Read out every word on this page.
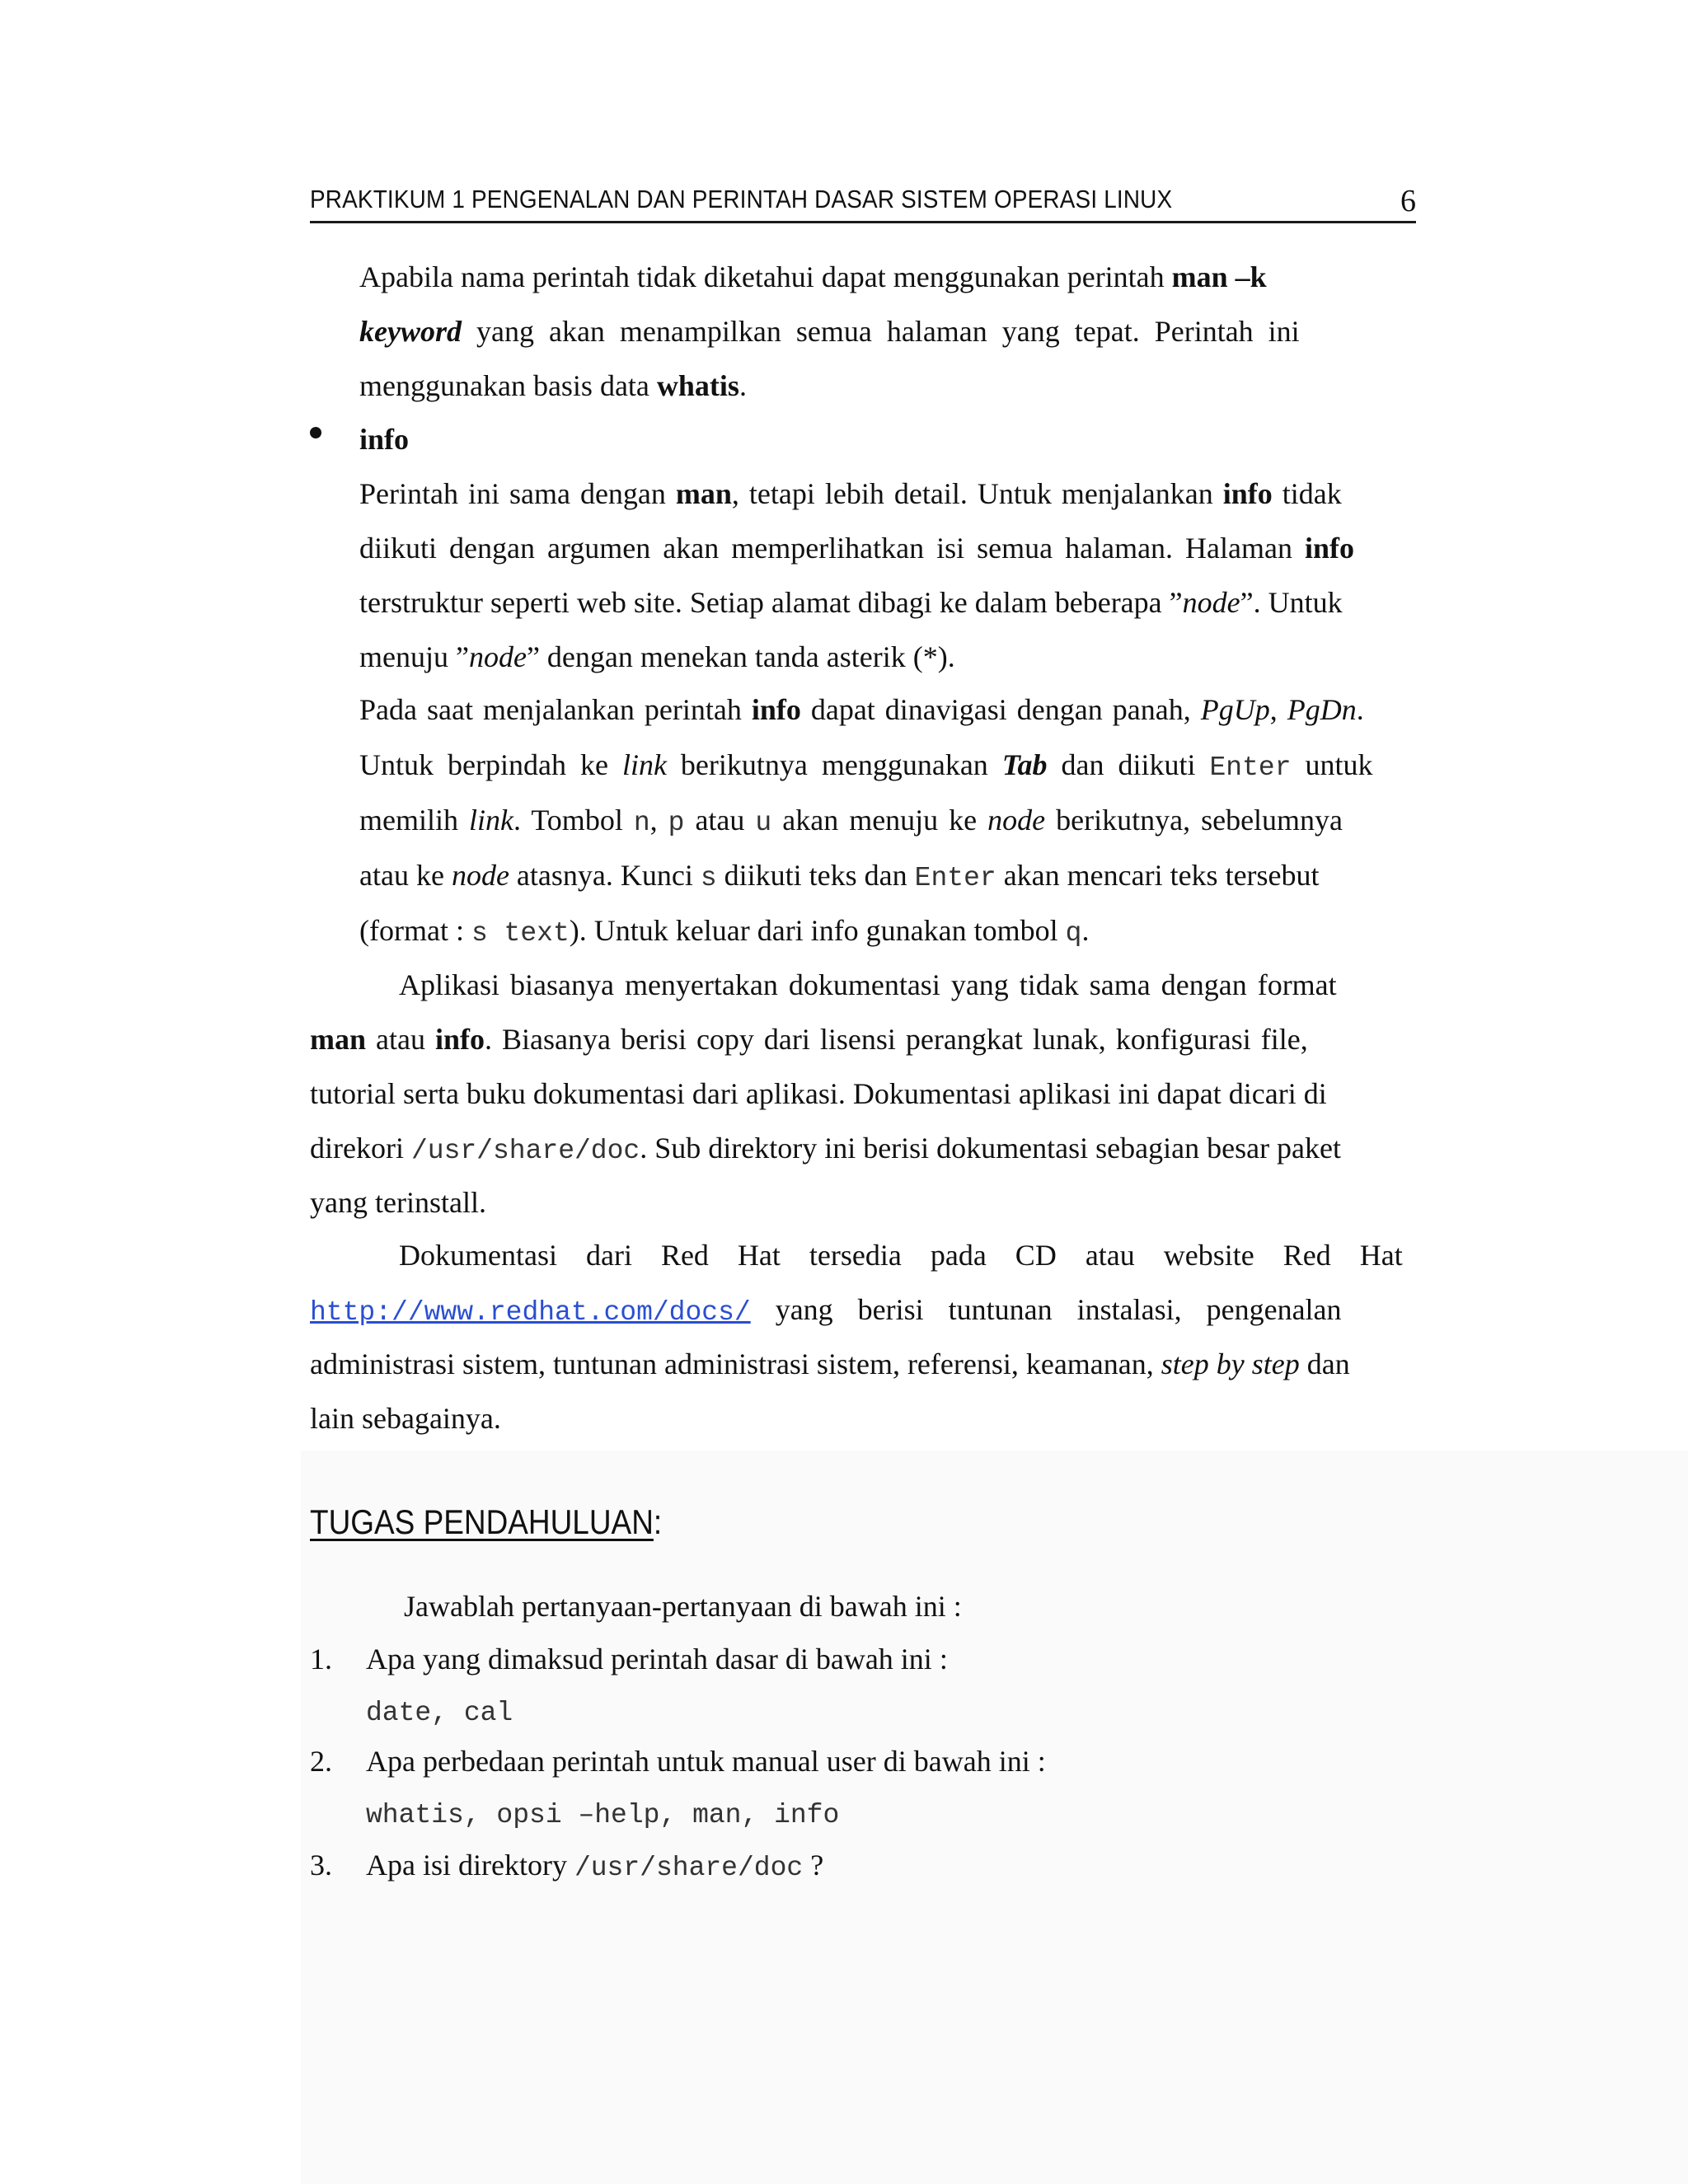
PRAKTIKUM 1 PENGENALAN DAN PERINTAH DASAR SISTEM OPERASI LINUX	6
Apabila nama perintah tidak diketahui dapat menggunakan perintah man –k
keyword yang akan menampilkan semua halaman yang tepat. Perintah ini
menggunakan basis data whatis.
info
Perintah ini sama dengan man, tetapi lebih detail. Untuk menjalankan info tidak
diikuti dengan argumen akan memperlihatkan isi semua halaman. Halaman info
terstruktur seperti web site. Setiap alamat dibagi ke dalam beberapa ”node”. Untuk
menuju ”node” dengan menekan tanda asterik (*).
Pada saat menjalankan perintah info dapat dinavigasi dengan panah, PgUp, PgDn.
Untuk berpindah ke link berikutnya menggunakan Tab dan diikuti Enter untuk
memilih link. Tombol n, p atau u akan menuju ke node berikutnya, sebelumnya
atau ke node atasnya. Kunci s diikuti teks dan Enter akan mencari teks tersebut
(format : s text). Untuk keluar dari info gunakan tombol q.
Aplikasi biasanya menyertakan dokumentasi yang tidak sama dengan format
man atau info. Biasanya berisi copy dari lisensi perangkat lunak, konfigurasi file,
tutorial serta buku dokumentasi dari aplikasi. Dokumentasi aplikasi ini dapat dicari di
direkori /usr/share/doc. Sub direktory ini berisi dokumentasi sebagian besar paket
yang terinstall.
Dokumentasi dari Red Hat tersedia pada CD atau website Red Hat
http://www.redhat.com/docs/ yang berisi tuntunan instalasi, pengenalan
administrasi sistem, tuntunan administrasi sistem, referensi, keamanan, step by step dan
lain sebagainya.
TUGAS PENDAHULUAN:
Jawablah pertanyaan-pertanyaan di bawah ini :
1. Apa yang dimaksud perintah dasar di bawah ini :
date, cal
2. Apa perbedaan perintah untuk manual user di bawah ini :
whatis, opsi –help, man, info
3. Apa isi direktory /usr/share/doc ?
